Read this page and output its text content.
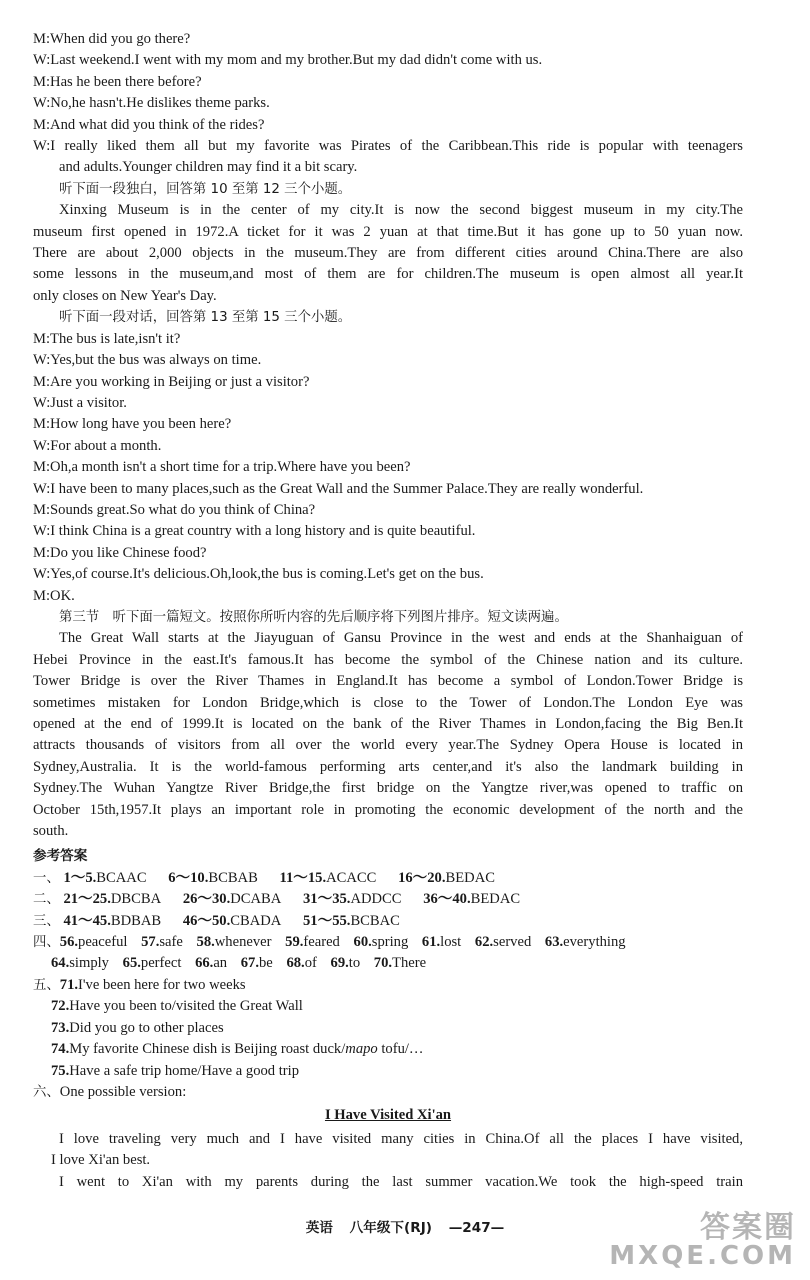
M:When did you go there?
W:Last weekend.I went with my mom and my brother.But my dad didn't come with us.
M:Has he been there before?
W:No,he hasn't.He dislikes theme parks.
M:And what did you think of the rides?
W:I really liked them all but my favorite was Pirates of the Caribbean.This ride is popular with teenagers
and adults.Younger children may find it a bit scary.
听下面一段独白，回答第 10 至第 12 三个小题。
Xinxing Museum is in the center of my city.It is now the second biggest museum in my city.The
museum first opened in 1972.A ticket for it was 2 yuan at that time.But it has gone up to 50 yuan now.
There are about 2,000 objects in the museum.They are from different cities around China.There are also
some lessons in the museum,and most of them are for children.The museum is open almost all year.It
only closes on New Year's Day.
听下面一段对话，回答第 13 至第 15 三个小题。
M:The bus is late,isn't it?
W:Yes,but the bus was always on time.
M:Are you working in Beijing or just a visitor?
W:Just a visitor.
M:How long have you been here?
W:For about a month.
M:Oh,a month isn't a short time for a trip.Where have you been?
W:I have been to many places,such as the Great Wall and the Summer Palace.They are really wonderful.
M:Sounds great.So what do you think of China?
W:I think China is a great country with a long history and is quite beautiful.
M:Do you like Chinese food?
W:Yes,of course.It's delicious.Oh,look,the bus is coming.Let's get on the bus.
M:OK.
第三节　听下面一篇短文。按照你所听内容的先后顺序将下列图片排序。短文读两遍。
The Great Wall starts at the Jiayuguan of Gansu Province in the west and ends at the Shanhaiguan of
Hebei Province in the east.It's famous.It has become the symbol of the Chinese nation and its culture.
Tower Bridge is over the River Thames in England.It has become a symbol of London.Tower Bridge is
sometimes mistaken for London Bridge,which is close to the Tower of London.The London Eye was
opened at the end of 1999.It is located on the bank of the River Thames in London,facing the Big Ben.It
attracts thousands of visitors from all over the world every year.The Sydney Opera House is located in
Sydney,Australia. It is the world-famous performing arts center,and it's also the landmark building in
Sydney.The Wuhan Yangtze River Bridge,the first bridge on the Yangtze river,was opened to traffic on
October 15th,1957.It plays an important role in promoting the economic development of the north and the
south.
参考答案
一、 1～5.BCAAC 6～10.BCBAB 11～15.ACACC 16～20.BEDAC
二、 21～25.DBCBA 26～30.DCABA 31～35.ADDCC 36～40.BEDAC
三、 41～45.BDBAB 46～50.CBADA 51～55.BCBAC
四、56.peaceful 57.safe 58.whenever 59.feared 60.spring 61.lost 62.served 63.everything
64.simply 65.perfect 66.an 67.be 68.of 69.to 70.There
五、71.I've been here for two weeks
72.Have you been to/visited the Great Wall
73.Did you go to other places
74.My favorite Chinese dish is Beijing roast duck/mapo tofu/…
75.Have a safe trip home/Have a good trip
六、One possible version:
I Have Visited Xi'an
I love traveling very much and I have visited many cities in China.Of all the places I have visited,
I love Xi'an best.
I went to Xi'an with my parents during the last summer vacation.We took the high-speed train
英语 八年级下(RJ) —247—	答案圈
MXQE.COM
